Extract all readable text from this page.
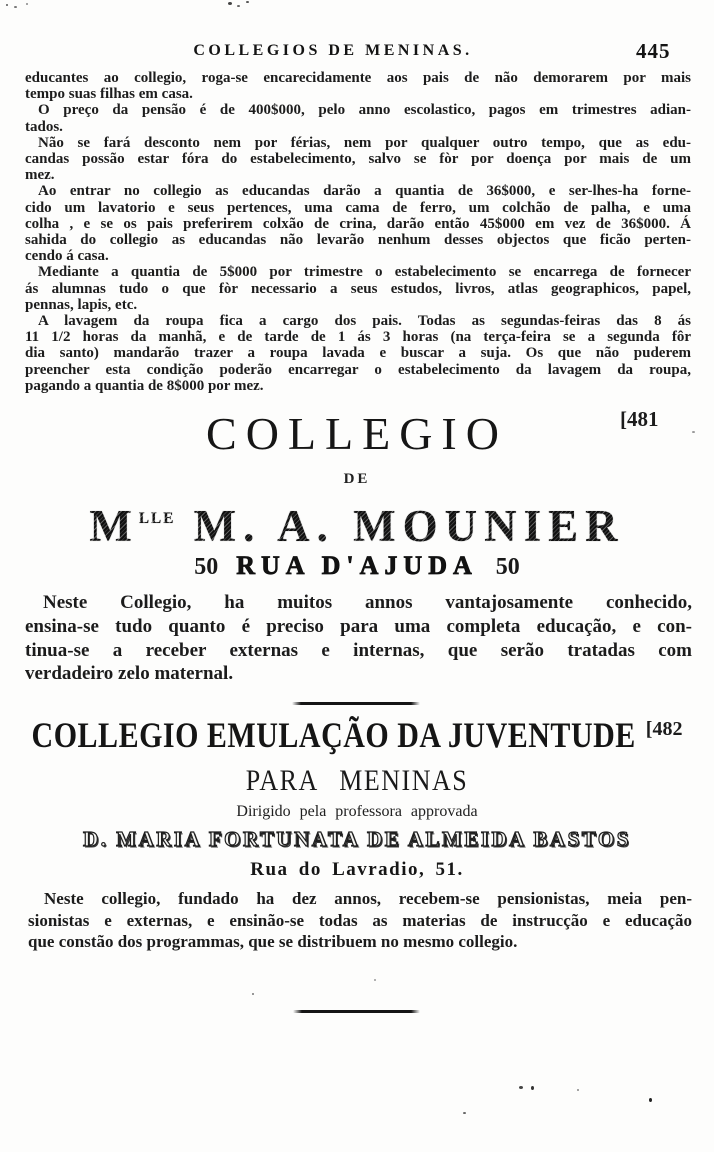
COLLEGIOS DE MENINAS.	445
educantes ao collegio, roga-se encarecidamente aos pais de não demorarem por mais
tempo suas filhas em casa.
O preço da pensão é de 400$000, pelo anno escolastico, pagos em trimestres adian-
tados.
Não se fará desconto nem por férias, nem por qualquer outro tempo, que as edu-
candas possão estar fóra do estabelecimento, salvo se fòr por doença por mais de um
mez.
Ao entrar no collegio as educandas darão a quantia de 36$000, e ser-lhes-ha forne-
cido um lavatorio e seus pertences, uma cama de ferro, um colchão de palha, e uma
colha , e se os pais preferirem colxão de crina, darão então 45$000 em vez de 36$000. Á
sahida do collegio as educandas não levarão nenhum desses objectos que ficão perten-
cendo á casa.
Mediante a quantia de 5$000 por trimestre o estabelecimento se encarrega de fornecer
ás alumnas tudo o que fòr necessario a seus estudos, livros, atlas geographicos, papel,
pennas, lapis, etc.
A lavagem da roupa fica a cargo dos pais. Todas as segundas-feiras das 8 ás
11 1/2 horas da manhã, e de tarde de 1 ás 3 horas (na terça-feira se a segunda fôr
dia santo) mandarão trazer a roupa lavada e buscar a suja. Os que não puderem
preencher esta condição poderão encarregar o estabelecimento da lavagem da roupa,
pagando a quantia de 8$000 por mez.
[481
COLLEGIO
DE
$M^{LLE}$ M. A. MOUNIER
50 RUA D'AJUDA 50
Neste Collegio, ha muitos annos vantajosamente conhecido,
ensina-se tudo quanto é preciso para uma completa educação, e con-
tinua-se a receber externas e internas, que serão tratadas com
verdadeiro zelo maternal.
COLLEGIO EMULAÇÃO DA JUVENTUDE [482
PARA MENINAS
Dirigido pela professora approvada
D. MARIA FORTUNATA DE ALMEIDA BASTOS
Rua do Lavradio, 51.
Neste collegio, fundado ha dez annos, recebem-se pensionistas, meia pen-
sionistas e externas, e ensinão-se todas as materias de instrucção e educação
que constão dos programmas, que se distribuem no mesmo collegio.
